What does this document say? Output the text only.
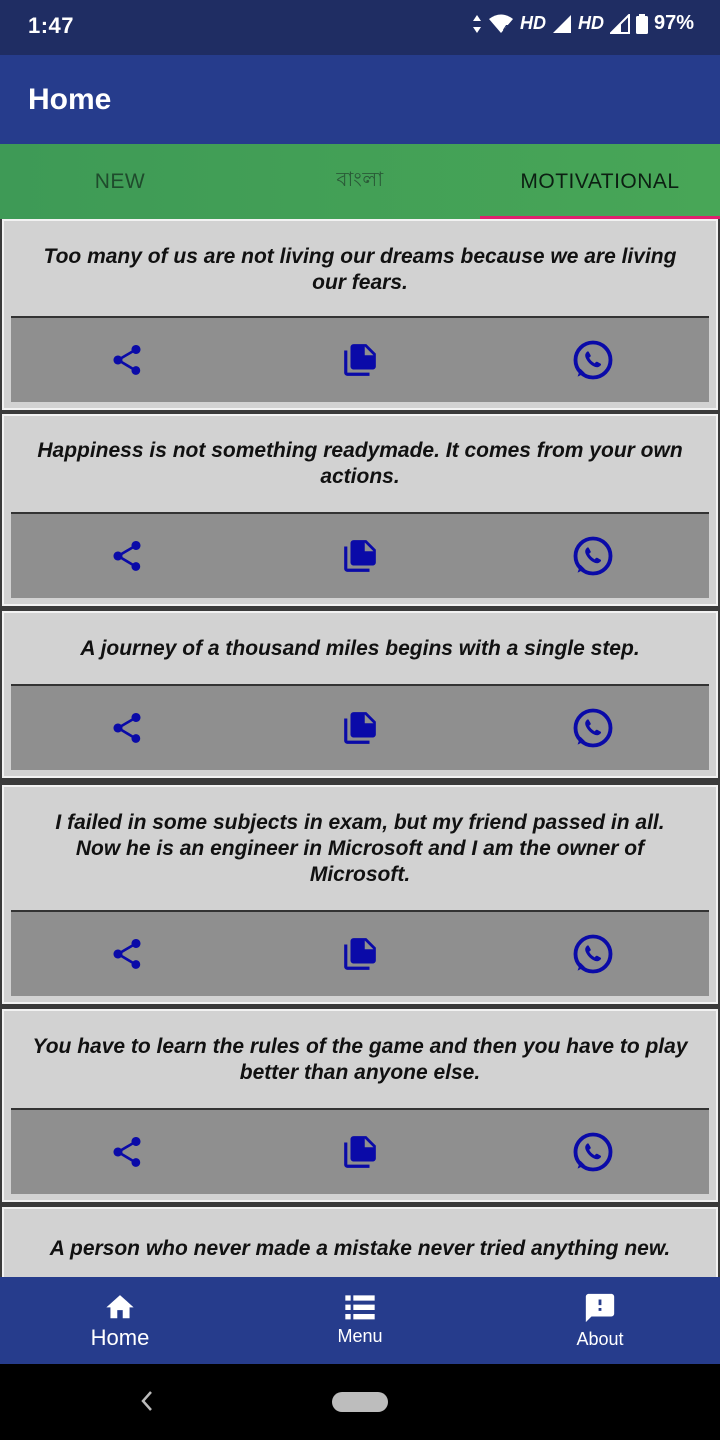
1:47	4 HD HD	97%
Home
NEW	বাংলা	MOTIVATIONAL
Too many of us are not living our dreams because we are living our fears.
Happiness is not something readymade. It comes from your own actions.
A journey of a thousand miles begins with a single step.
I failed in some subjects in exam, but my friend passed in all. Now he is an engineer in Microsoft and I am the owner of Microsoft.
You have to learn the rules of the game and then you have to play better than anyone else.
A person who never made a mistake never tried anything new.
Home	Menu	About
